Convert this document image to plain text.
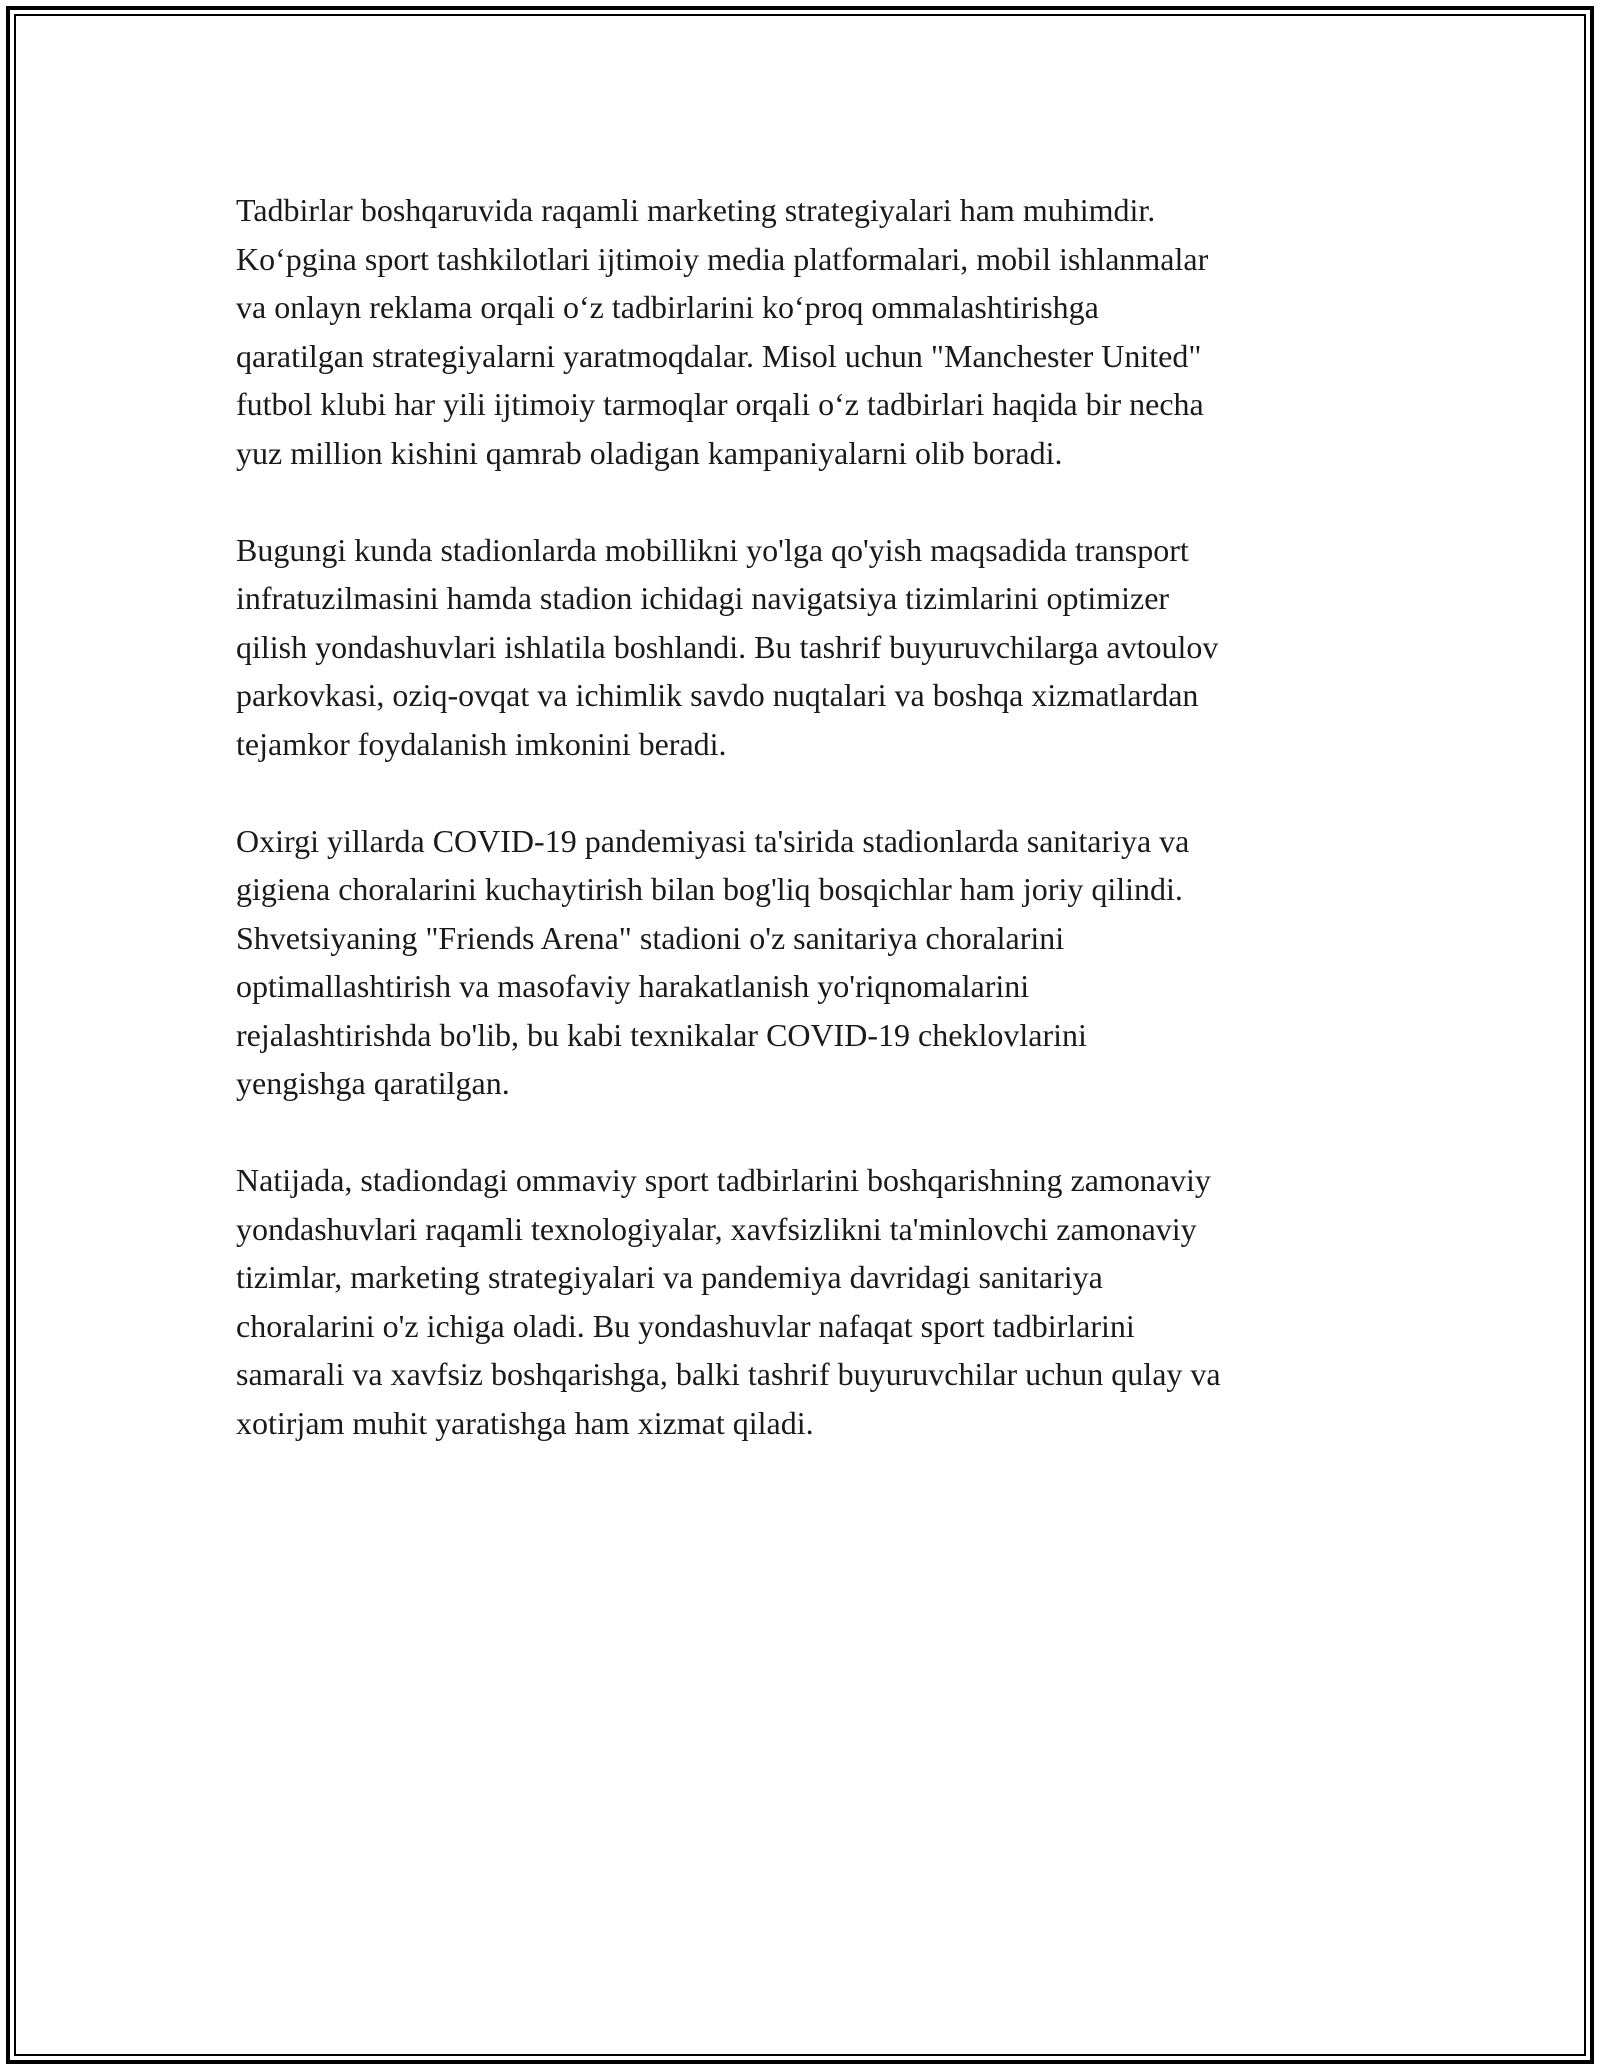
Tadbirlar boshqaruvida raqamli marketing strategiyalari ham muhimdir.
Ko‘pgina sport tashkilotlari ijtimoiy media platformalari, mobil ishlanmalar
va onlayn reklama orqali o‘z tadbirlarini ko‘proq ommalashtirishga
qaratilgan strategiyalarni yaratmoqdalar. Misol uchun "Manchester United"
futbol klubi har yili ijtimoiy tarmoqlar orqali o‘z tadbirlari haqida bir necha
yuz million kishini qamrab oladigan kampaniyalarni olib boradi.

Bugungi kunda stadionlarda mobillikni yo'lga qo'yish maqsadida transport
infratuzilmasini hamda stadion ichidagi navigatsiya tizimlarini optimizer
qilish yondashuvlari ishlatila boshlandi. Bu tashrif buyuruvchilarga avtoulov
parkovkasi, oziq-ovqat va ichimlik savdo nuqtalari va boshqa xizmatlardan
tejamkor foydalanish imkonini beradi.

Oxirgi yillarda COVID-19 pandemiyasi ta'sirida stadionlarda sanitariya va
gigiena choralarini kuchaytirish bilan bog'liq bosqichlar ham joriy qilindi.
Shvetsiyaning "Friends Arena" stadioni o'z sanitariya choralarini
optimallashtirish va masofaviy harakatlanish yo'riqnomalarini
rejalashtirishda bo'lib, bu kabi texnikalar COVID-19 cheklovlarini
yengishga qaratilgan.

Natijada, stadiondagi ommaviy sport tadbirlarini boshqarishning zamonaviy
yondashuvlari raqamli texnologiyalar, xavfsizlikni ta'minlovchi zamonaviy
tizimlar, marketing strategiyalari va pandemiya davridagi sanitariya
choralarini o'z ichiga oladi. Bu yondashuvlar nafaqat sport tadbirlarini
samarali va xavfsiz boshqarishga, balki tashrif buyuruvchilar uchun qulay va
xotirjam muhit yaratishga ham xizmat qiladi.
